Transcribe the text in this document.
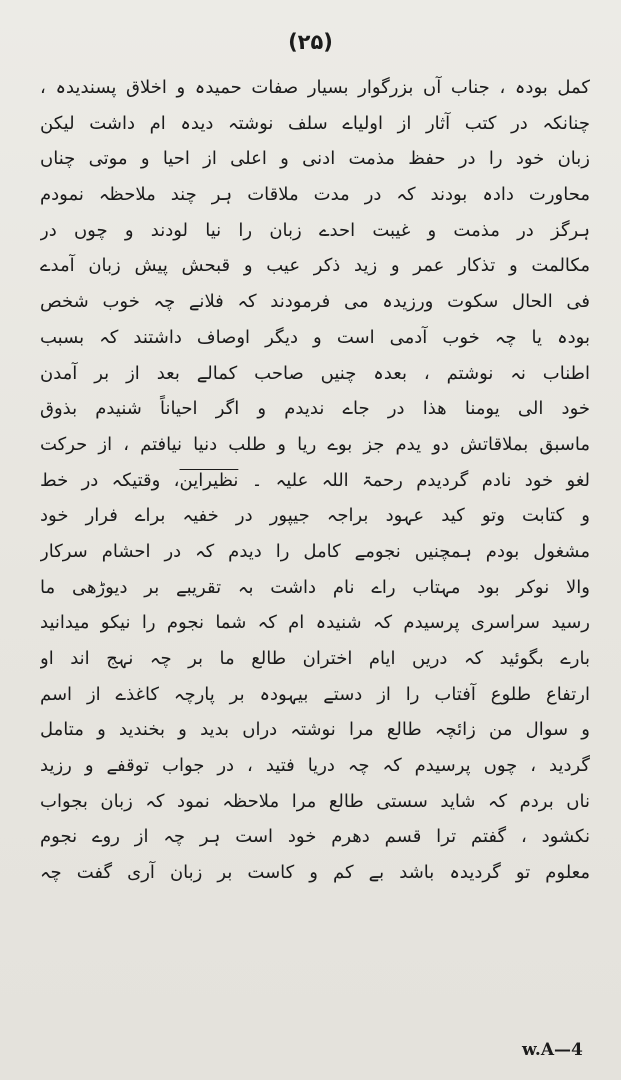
(۲۵)
کمل بودہ ، جناب آں بزرگوار بسیار صفات حمیدہ و اخلاق پسندیدہ ،
چنانکہ در کتب آثار از اولیاے سلف نوشتہ دیدہ ام داشت لیکن
زبان خود را در حفظ مذمت ادنی و اعلی از احیا و موتی چناں
محاورت دادہ بودند کہ در مدت ملاقات ہر چند ملاحظہ نمودم
ہرگز در مذمت و غیبت احدے زبان را نیا لودند و چوں در
مکالمت و تذکار عمر و زید ذکر عیب و قبحش پیش زبان آمدے
فی الحال سکوت ورزیدہ می فرمودند کہ فلانے چہ خوب شخص
بودہ یا چہ خوب آدمی است و دیگر اوصاف داشتند کہ بسبب
اطناب نہ نوشتم ، بعدہ چنیں صاحب کمالے بعد از بر آمدن
خود الی یومنا ھذا در جاے ندیدم و اگر احیاناً شنیدم بذوق
ماسبق بملاقاتش دو یدم جز بوے ریا و طلب دنیا نیافتم ، از حرکت
لغو خود نادم گردیدم رحمۃ اللہ علیہ ۔ نظیراین، وقتیکہ در خط
و کتابت وتو کید عہود براجہ جیپور در خفیہ براے فرار خود
مشغول بودم ہمچنیں نجومے کامل را دیدم کہ در احشام سرکار
والا نوکر بود مہتاب راے نام داشت بہ تقریبے بر دیوڑھی ما
رسید سراسری پرسیدم کہ شنیدہ ام کہ شما نجوم را نیکو میدانید
بارے بگوئید کہ دریں ایام اختران طالع ما بر چہ نہج اند او
ارتفاع طلوع آفتاب را از دستے بیہودہ بر پارچہ کاغذے از اسم
و سوال من زائچہ طالع مرا نوشتہ دراں بدید و بخندید و متامل
گردید ، چوں پرسیدم کہ چہ دریا فتید ، در جواب توقفے و رزید
ناں بردم کہ شاید سستی طالع مرا ملاحظہ نمود کہ زبان بجواب
نکشود ، گفتم ترا قسم دھرم خود است ہر چہ از روے نجوم
معلوم تو گردیدہ باشد بے کم و کاست بر زبان آری گفت چہ
w.A—4
